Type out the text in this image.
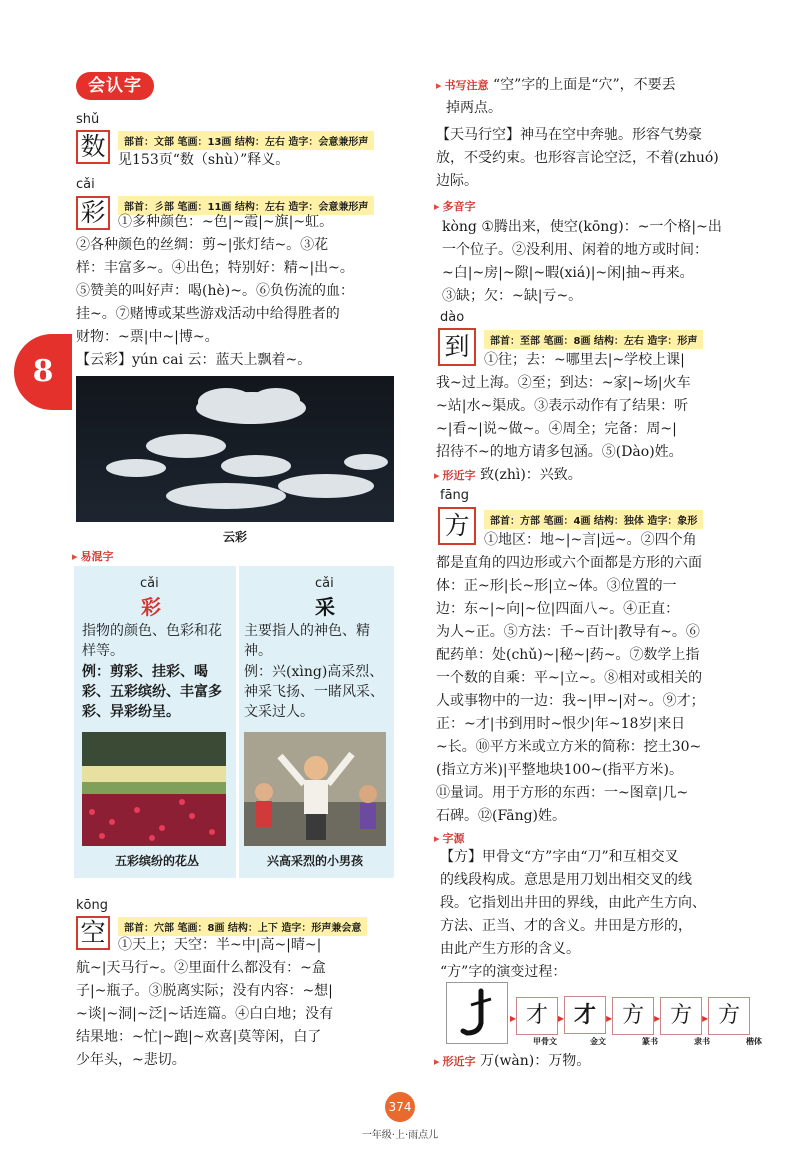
会认字
8
shǔ
数	部首：文部 笔画：13画 结构：左右 造字：会意兼形声
见153页“数（shù）”释义。
cǎi
彩	部首：彡部 笔画：11画 结构：左右 造字：会意兼形声
①多种颜色：~色|~霞|~旗|~虹。
②各种颜色的丝绸：剪~|张灯结~。③花
样：丰富多~。④出色；特别好：精~|出~。
⑤赞美的叫好声：喝(hè)~。⑥负伤流的血：
挂~。⑦赌博或某些游戏活动中给得胜者的
财物：~票|中~|博~。
【云彩】yún cai 云：蓝天上飘着~。
云彩
▸ 易混字
cǎi
彩
指物的颜色、色彩和花样等。
例：剪彩、挂彩、喝彩、五彩缤纷、丰富多彩、异彩纷呈。
cǎi
采
主要指人的神色、精神。
例：兴(xìng)高采烈、神采飞扬、一睹风采、文采过人。
五彩缤纷的花丛	兴高采烈的小男孩
kōng
空	部首：穴部 笔画：8画 结构：上下 造字：形声兼会意
①天上；天空：半~中|高~|晴~|
航~|天马行~。②里面什么都没有：~盒
子|~瓶子。③脱离实际；没有内容：~想|
~谈|~洞|~泛|~话连篇。④白白地；没有
结果地：~忙|~跑|~欢喜|莫等闲，白了
少年头，~悲切。
▸ 书写注意 “空”字的上面是“穴”，不要丢
掉两点。
【天马行空】神马在空中奔驰。形容气势豪
放，不受约束。也形容言论空泛，不着(zhuó)
边际。
▸ 多音字
kòng ①腾出来，使空(kōng)：~一个格|~出
一个位子。②没利用、闲着的地方或时间：
~白|~房|~隙|~暇(xiá)|~闲|抽~再来。
③缺；欠：~缺|亏~。
dào
到	部首：至部 笔画：8画 结构：左右 造字：形声
①往；去：~哪里去|~学校上课|
我~过上海。②至；到达：~家|~场|火车
~站|水~渠成。③表示动作有了结果：听
~|看~|说~做~。④周全；完备：周~|
招待不~的地方请多包涵。⑤(Dào)姓。
▸ 形近字 致(zhì)：兴致。
fāng
方	部首：方部 笔画：4画 结构：独体 造字：象形
①地区：地~|~言|远~。②四个角
都是直角的四边形或六个面都是方形的六面
体：正~形|长~形|立~体。③位置的一
边：东~|~向|~位|四面八~。④正直：
为人~正。⑤方法：千~百计|教导有~。⑥
配药单：处(chǔ)~|秘~|药~。⑦数学上指
一个数的自乘：平~|立~。⑧相对或相关的
人或事物中的一边：我~|甲~|对~。⑨才；
正：~才|书到用时~恨少|年~18岁|来日
~长。⑩平方米或立方米的简称：挖土30~
(指立方米)|平整地块100~(指平方米)。
⑪量词。用于方形的东西：一~图章|几~
石碑。⑫(Fāng)姓。
▸ 字源
【方】甲骨文“方”字由“刀”和互相交叉
的线段构成。意思是用刀划出相交叉的线
段。它指划出井田的界线，由此产生方向、
方法、正当、才的含义。井田是方形的，
由此产生方形的含义。
“方”字的演变过程：
▸ 才 ▸ 才 ▸ 方 ▸ 方 ▸ 方
甲骨文	金文	篆书	隶书	楷体
▸ 形近字 万(wàn)：万物。
374
一年级·上·雨点儿
